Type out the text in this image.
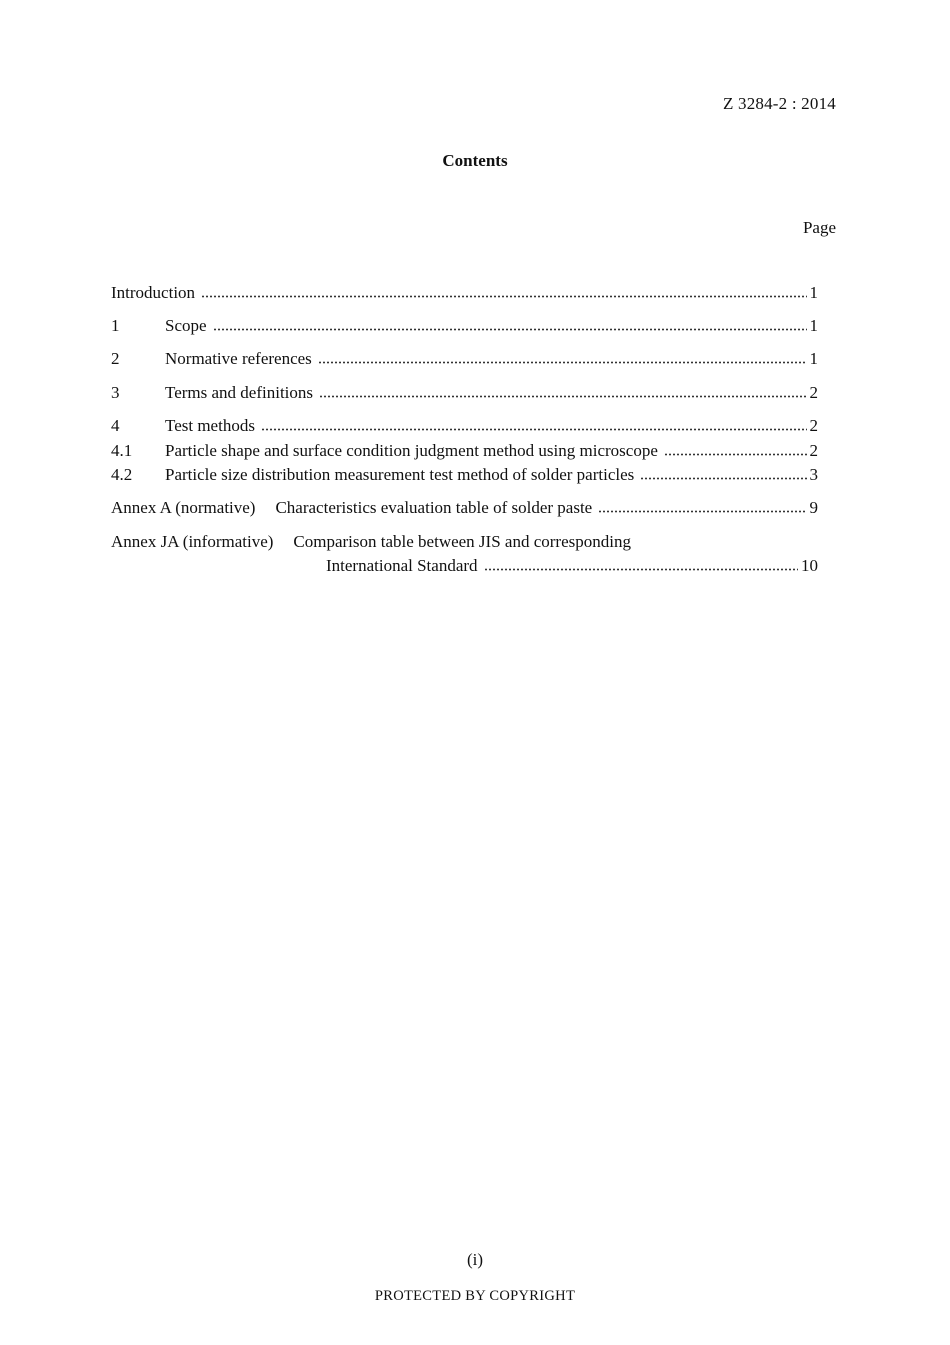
Z 3284-2 : 2014
Contents
Page
Introduction	1
1	Scope	1
2	Normative references	1
3	Terms and definitions	2
4	Test methods	2
4.1	Particle shape and surface condition judgment method using microscope	2
4.2	Particle size distribution measurement test method of solder particles	3
Annex A (normative) Characteristics evaluation table of solder paste	9
Annex JA (informative) Comparison table between JIS and corresponding
International Standard	10
(i)
PROTECTED BY COPYRIGHT
